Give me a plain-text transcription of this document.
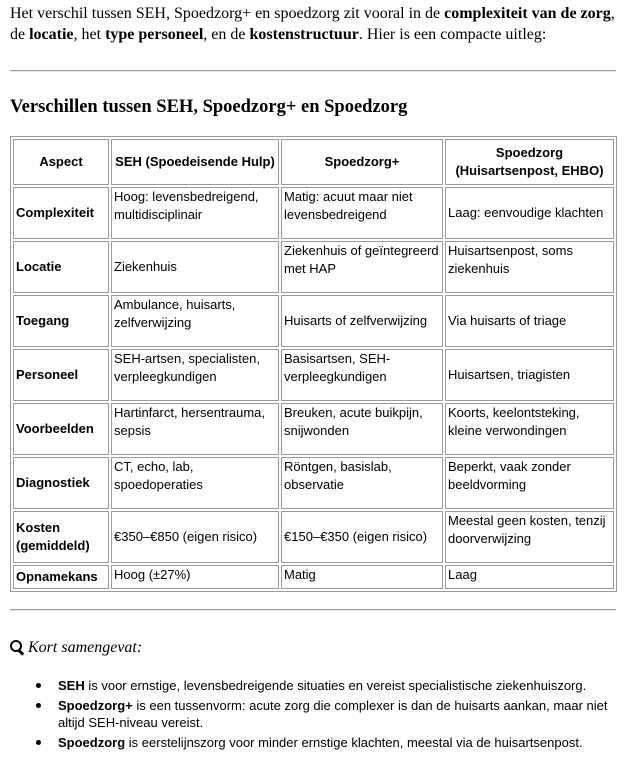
Het verschil tussen SEH, Spoedzorg+ en spoedzorg zit vooral in de complexiteit van de zorg, de locatie, het type personeel, en de kostenstructuur. Hier is een compacte uitleg:
Verschillen tussen SEH, Spoedzorg+ en Spoedzorg
Aspect	SEH (Spoedeisende Hulp)	Spoedzorg+	Spoedzorg (Huisartsenpost, EHBO)
Complexiteit	Hoog: levensbedreigend, multidisciplinair	Matig: acuut maar niet levensbedreigend	Laag: eenvoudige klachten
Locatie	Ziekenhuis	Ziekenhuis of geïntegreerd met HAP	Huisartsenpost, soms ziekenhuis
Toegang	Ambulance, huisarts, zelfverwijzing	Huisarts of zelfverwijzing	Via huisarts of triage
Personeel	SEH-artsen, specialisten, verpleegkundigen	Basisartsen, SEH-verpleegkundigen	Huisartsen, triagisten
Voorbeelden	Hartinfarct, hersentrauma, sepsis	Breuken, acute buikpijn, snijwonden	Koorts, keelontsteking, kleine verwondingen
Diagnostiek	CT, echo, lab, spoedoperaties	Röntgen, basislab, observatie	Beperkt, vaak zonder beeldvorming
Kosten (gemiddeld)	€350–€850 (eigen risico)	€150–€350 (eigen risico)	Meestal geen kosten, tenzij doorverwijzing
Opnamekans	Hoog (±27%)	Matig	Laag
Kort samengevat:
SEH is voor ernstige, levensbedreigende situaties en vereist specialistische ziekenhuiszorg.
Spoedzorg+ is een tussenvorm: acute zorg die complexer is dan de huisarts aankan, maar niet altijd SEH-niveau vereist.
Spoedzorg is eerstelijnszorg voor minder ernstige klachten, meestal via de huisartsenpost.
